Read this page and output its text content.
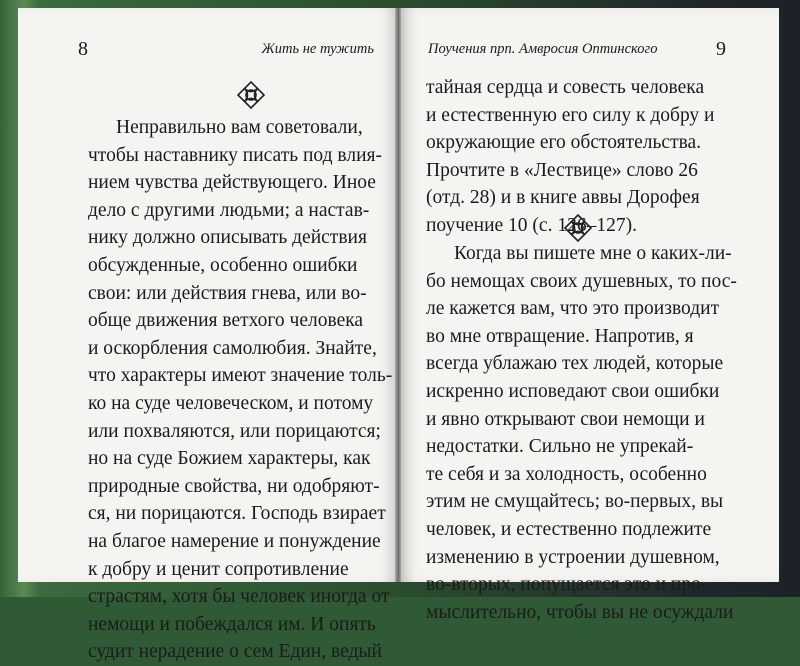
8	Жить не тужить
Неправильно вам советовали,
чтобы наставнику писать под влия-
нием чувства действующего. Иное
дело с другими людьми; а настав-
нику должно описывать действия
обсужденные, особенно ошибки
свои: или действия гнева, или во-
обще движения ветхого человека
и оскорбления самолюбия. Знайте,
что характеры имеют значение толь-
ко на суде человеческом, и потому
или похваляются, или порицаются;
но на суде Божием характеры, как
природные свойства, ни одобряют-
ся, ни порицаются. Господь взирает
на благое намерение и понуждение
к добру и ценит сопротивление
страстям, хотя бы человек иногда от
немощи и побеждался им. И опять
судит нерадение о сем Един, ведый
Поучения прп. Амвросия Оптинского	9
тайная сердца и совесть человека
и естественную его силу к добру и
окружающие его обстоятельства.
Прочтите в «Лествице» слово 26
(отд. 28) и в книге аввы Дорофея
поучение 10 (с. 126–127).
Когда вы пишете мне о каких-ли-
бо немощах своих душевных, то пос-
ле кажется вам, что это производит
во мне отвращение. Напротив, я
всегда ублажаю тех людей, которые
искренно исповедают свои ошибки
и явно открывают свои немощи и
недостатки. Сильно не упрекай-
те себя и за холодность, особенно
этим не смущайтесь; во-первых, вы
человек, и естественно подлежите
изменению в устроении душевном,
во-вторых, попущается это и про-
мыслительно, чтобы вы не осуждали
